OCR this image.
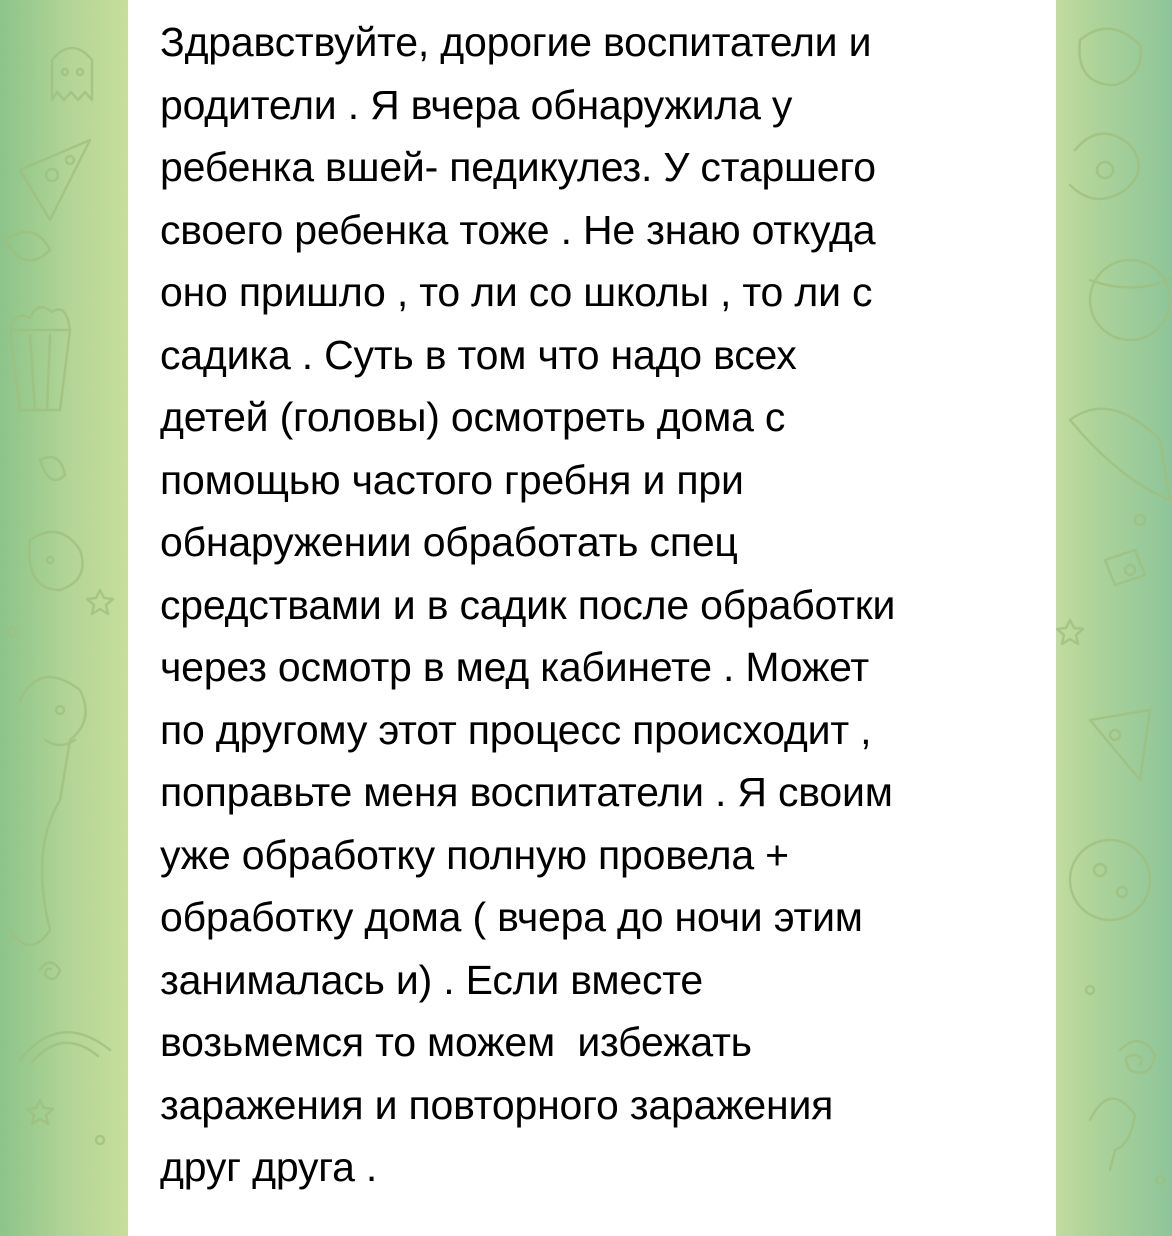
Здравствуйте, дорогие воспитатели и
родители . Я вчера обнаружила у
ребенка вшей- педикулез. У старшего
своего ребенка тоже . Не знаю откуда
оно пришло , то ли со школы , то ли с
садика . Суть в том что надо всех
детей (головы) осмотреть дома с
помощью частого гребня и при
обнаружении обработать спец
средствами и в садик после обработки
через осмотр в мед кабинете . Может
по другому этот процесс происходит ,
поправьте меня воспитатели . Я своим
уже обработку полную провела +
обработку дома ( вчера до ночи этим
занималась и) . Если вместе
возьмемся то можем  избежать
заражения и повторного заражения
друг друга .
